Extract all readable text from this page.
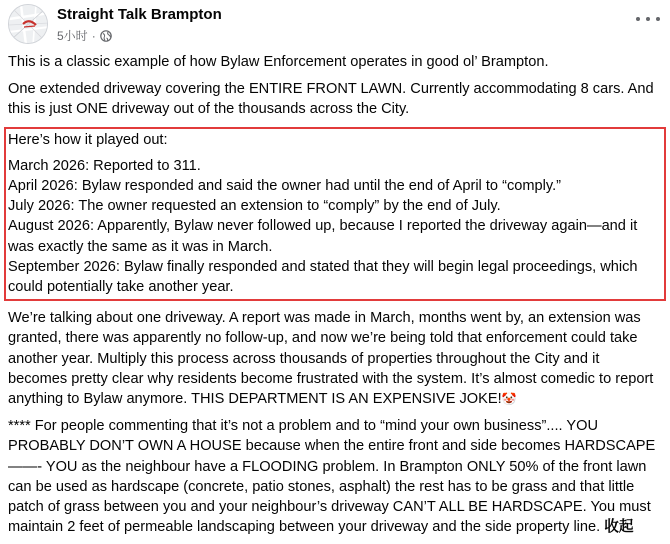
Straight Talk Brampton
5小时 ·

This is a classic example of how Bylaw Enforcement operates in good ol’ Brampton.

One extended driveway covering the ENTIRE FRONT LAWN. Currently accommodating 8 cars. And this is just ONE driveway out of the thousands across the City.

Here’s how it played out:

March 2026: Reported to 311.
April 2026: Bylaw responded and said the owner had until the end of April to “comply.”
July 2026: The owner requested an extension to “comply” by the end of July.
August 2026: Apparently, Bylaw never followed up, because I reported the driveway again—and it was exactly the same as it was in March.
September 2026: Bylaw finally responded and stated that they will begin legal proceedings, which could potentially take another year.

We’re talking about one driveway. A report was made in March, months went by, an extension was granted, there was apparently no follow-up, and now we’re being told that enforcement could take another year. Multiply this process across thousands of properties throughout the City and it becomes pretty clear why residents become frustrated with the system. It’s almost comedic to report anything to Bylaw anymore. THIS DEPARTMENT IS AN EXPENSIVE JOKE!🤡

**** For people commenting that it’s not a problem and to “mind your own business”.... YOU PROBABLY DON’T OWN A HOUSE because when the entire front and side becomes HARDSCAPE ——- YOU as the neighbour have a FLOODING problem. In Brampton ONLY 50% of the front lawn can be used as hardscape (concrete, patio stones, asphalt) the rest has to be grass and that little patch of grass between you and your neighbour’s driveway CAN’T ALL BE HARDSCAPE. You must maintain 2 feet of permeable landscaping between your driveway and the side property line. 收起
